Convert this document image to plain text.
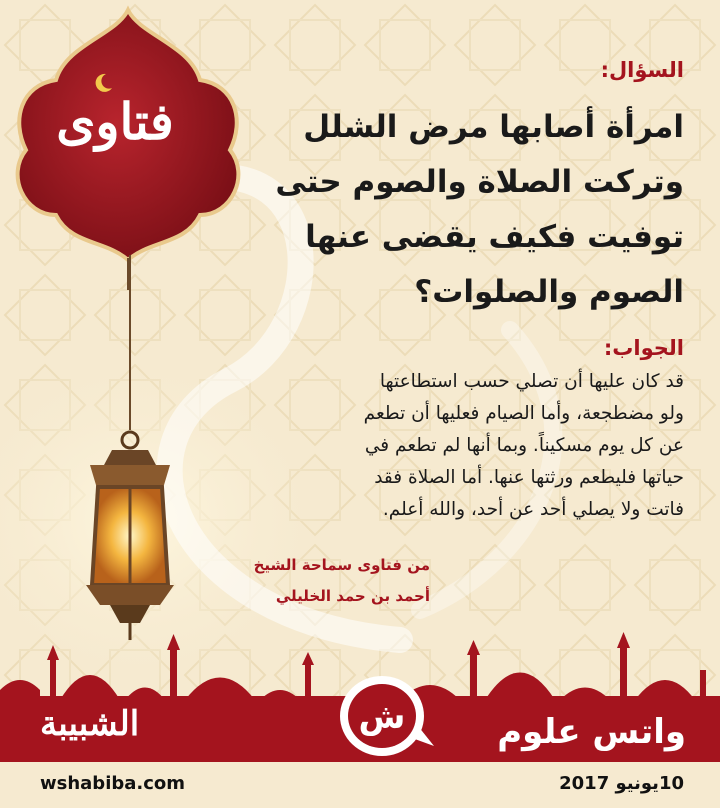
فتاوى
السؤال:
امرأة أصابها مرض الشلل
وتركت الصلاة والصوم حتى
توفيت فكيف يقضى عنها
الصوم والصلوات؟
الجواب:
قد كان عليها أن تصلي حسب استطاعتها
ولو مضطجعة، وأما الصيام فعليها أن تطعم
عن كل يوم مسكيناً. وبما أنها لم تطعم في
حياتها فليطعم ورثتها عنها. أما الصلاة فقد
فاتت ولا يصلي أحد عن أحد، والله أعلم.
من فتاوى سماحة الشيخ
أحمد بن حمد الخليلي
ش	واتس علوم
الشبيبة
wshabiba.com	10يونيو 2017
